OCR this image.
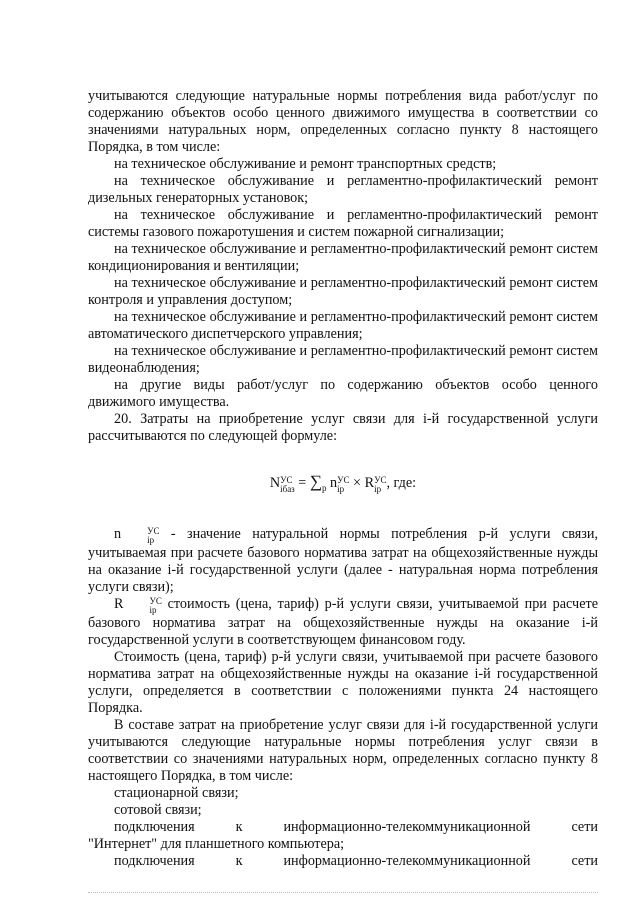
учитываются следующие натуральные нормы потребления вида работ/услуг по содержанию объектов особо ценного движимого имущества в соответствии со значениями натуральных норм, определенных согласно пункту 8 настоящего Порядка, в том числе:

на техническое обслуживание и ремонт транспортных средств;

на техническое обслуживание и регламентно-профилактический ремонт дизельных генераторных установок;

на техническое обслуживание и регламентно-профилактический ремонт системы газового пожаротушения и систем пожарной сигнализации;

на техническое обслуживание и регламентно-профилактический ремонт систем кондиционирования и вентиляции;

на техническое обслуживание и регламентно-профилактический ремонт систем контроля и управления доступом;

на техническое обслуживание и регламентно-профилактический ремонт систем автоматического диспетчерского управления;

на техническое обслуживание и регламентно-профилактический ремонт систем видеонаблюдения;

на другие виды работ/услуг по содержанию объектов особо ценного движимого имущества.

20. Затраты на приобретение услуг связи для i-й государственной услуги рассчитываются по следующей формуле:

N УС
iбаз = $\sum_p$ n УС
ip × R УС
ip , где:

n	УС
ip - значение натуральной нормы потребления p-й услуги связи, учитываемая при расчете базового норматива затрат на общехозяйственные нужды на оказание i-й государственной услуги (далее - натуральная норма потребления услуги связи);

R	УС
ip стоимость (цена, тариф) p-й услуги связи, учитываемой при расчете базового норматива затрат на общехозяйственные нужды на оказание i-й государственной услуги в соответствующем финансовом году.

Стоимость (цена, тариф) p-й услуги связи, учитываемой при расчете базового норматива затрат на общехозяйственные нужды на оказание i-й государственной услуги, определяется в соответствии с положениями пункта 24 настоящего Порядка.

В составе затрат на приобретение услуг связи для i-й государственной услуги учитываются следующие натуральные нормы потребления услуг связи в соответствии со значениями натуральных норм, определенных согласно пункту 8 настоящего Порядка, в том числе:

стационарной связи;

сотовой связи;

подключения	к	информационно-телекоммуникационной	сети

"Интернет" для планшетного компьютера;

подключения	к	информационно-телекоммуникационной	сети
